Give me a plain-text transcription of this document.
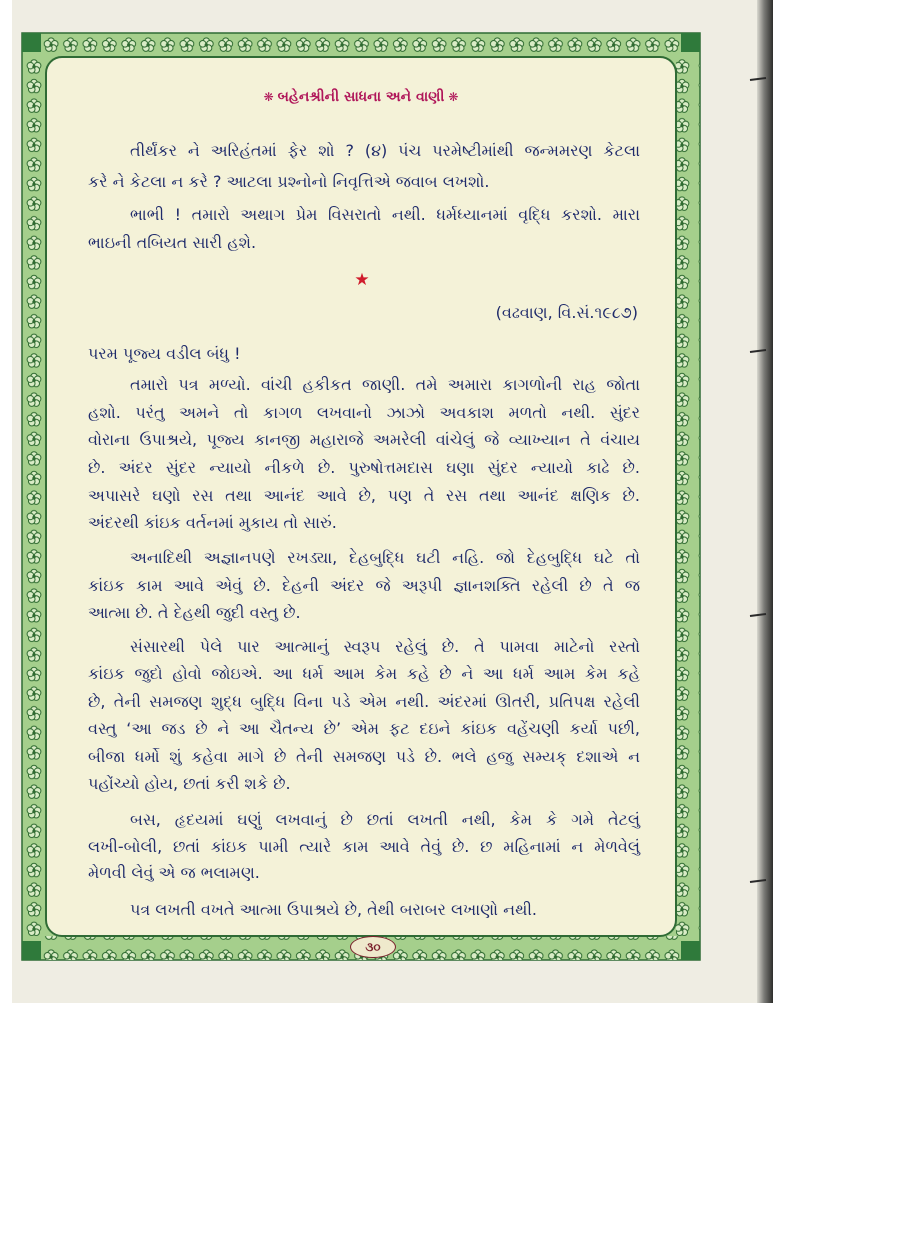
❋ બહેનશ્રીની સાધના અને વાણી ❋
તીર્થંકર ને અરિહંતમાં ફેર શો ? (૪) પંચ પરમેષ્ટીમાંથી જન્મમરણ કેટલા
કરે ને કેટલા ન કરે ? આટલા પ્રશ્નોનો નિવૃત્તિએ જવાબ લખશો.
ભાભી ! તમારો અથાગ પ્રેમ વિસરાતો નથી. ધર્મધ્યાનમાં વૃદ્ધિ કરશો. મારા
ભાઇની તબિયત સારી હશે.
★
(વઢવાણ, વિ.સં.૧૯૮૭)
પરમ પૂજ્ય વડીલ બંધુ !
તમારો પત્ર મળ્યો. વાંચી હકીકત જાણી. તમે અમારા કાગળોની રાહ જોતા
હશો. પરંતુ અમને તો કાગળ લખવાનો ઝાઝો અવકાશ મળતો નથી. સુંદર
વોરાના ઉપાશ્રયે, પૂજ્ય કાનજી મહારાજે અમરેલી વાંચેલું જે વ્યાખ્યાન તે વંચાય
છે. અંદર સુંદર ન્યાયો નીકળે છે. પુરુષોત્તમદાસ ઘણા સુંદર ન્યાયો કાઢે છે.
અપાસરે ઘણો રસ તથા આનંદ આવે છે, પણ તે રસ તથા આનંદ ક્ષણિક છે.
અંદરથી કાંઇક વર્તનમાં મુકાય તો સારું.
અનાદિથી અજ્ઞાનપણે રખડ્યા, દેહબુદ્ધિ ઘટી નહિ. જો દેહબુદ્ધિ ઘટે તો
કાંઇક કામ આવે એવું છે. દેહની અંદર જે અરૂપી જ્ઞાનશક્તિ રહેલી છે તે જ
આત્મા છે. તે દેહથી જુદી વસ્તુ છે.
સંસારથી પેલે પાર આત્માનું સ્વરૂપ રહેલું છે. તે પામવા માટેનો રસ્તો
કાંઇક જુદો હોવો જોઇએ. આ ધર્મ આમ કેમ કહે છે ને આ ધર્મ આમ કેમ કહે
છે, તેની સમજણ શુદ્ધ બુદ્ધિ વિના પડે એમ નથી. અંદરમાં ઊતરી, પ્રતિપક્ષ રહેલી
વસ્તુ ‘આ જડ છે ને આ ચૈતન્ય છે’ એમ ફટ દઇને કાંઇક વહેંચણી કર્યા પછી,
બીજા ધર્મો શું કહેવા માગે છે તેની સમજણ પડે છે. ભલે હજુ સમ્યક્ દશાએ ન
પહોંચ્યો હોય, છતાં કરી શકે છે.
બસ, હૃદયમાં ઘણું લખવાનું છે છતાં લખતી નથી, કેમ કે ગમે તેટલું
લખી-બોલી, છતાં કાંઇક પામી ત્યારે કામ આવે તેવું છે. છ મહિનામાં ન મેળવેલું
મેળવી લેવું એ જ ભલામણ.
પત્ર લખતી વખતે આત્મા ઉપાશ્રયે છે, તેથી બરાબર લખાણો નથી.
૩૦
